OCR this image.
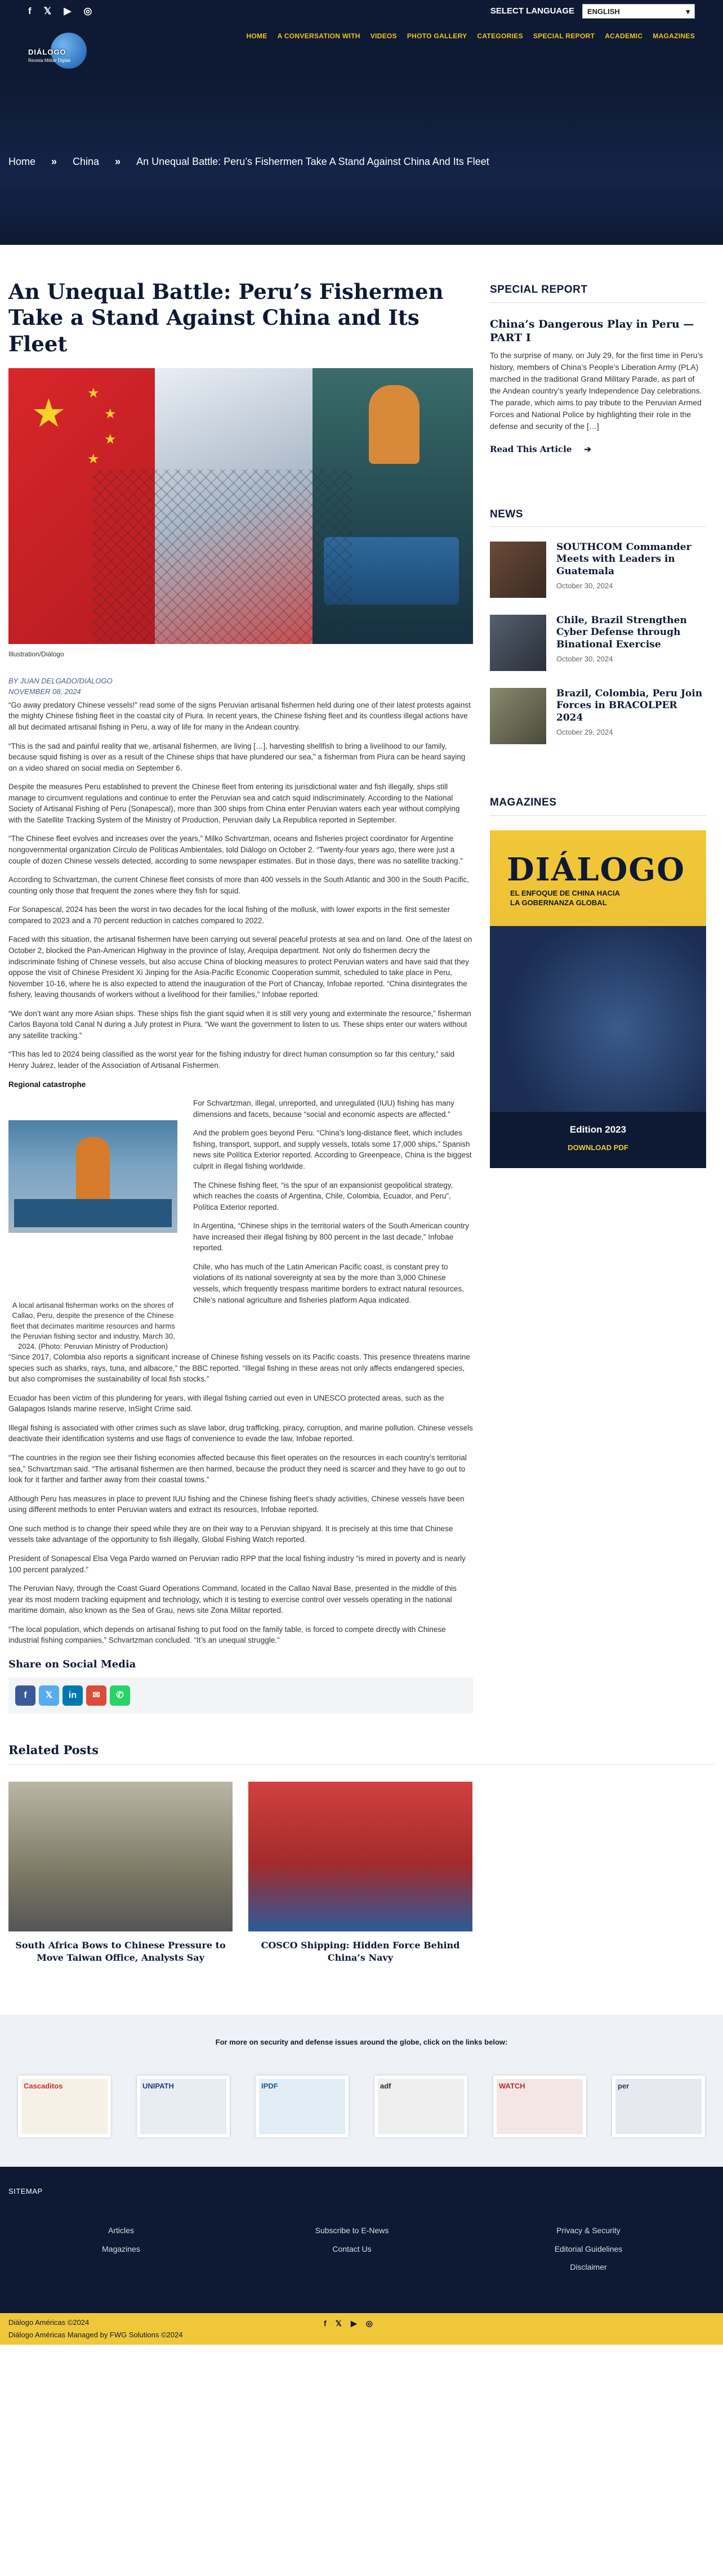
f 𝕏 ▶ ◎	SELECT LANGUAGE ENGLISH	▾
DIÁLOGO
Revista Militar Digital
HOME A CONVERSATION WITH VIDEOS PHOTO GALLERY CATEGORIES SPECIAL REPORT ACADEMIC MAGAZINES
Home » China » An Unequal Battle: Peru’s Fishermen Take A Stand Against China And Its Fleet
An Unequal Battle: Peru’s Fishermen Take a Stand Against China and Its Fleet
★ ★
★
★
★
Illustration/Diálogo
BY JUAN DELGADO/DIÁLOGO
NOVEMBER 08, 2024

“Go away predatory Chinese vessels!” read some of the signs Peruvian artisanal fishermen held during one of their latest protests against the mighty Chinese fishing fleet in the coastal city of Piura. In recent years, the Chinese fishing fleet and its countless illegal actions have all but decimated artisanal fishing in Peru, a way of life for many in the Andean country.

“This is the sad and painful reality that we, artisanal fishermen, are living […], harvesting shellfish to bring a livelihood to our family, because squid fishing is over as a result of the Chinese ships that have plundered our sea,” a fisherman from Piura can be heard saying on a video shared on social media on September 6.

Despite the measures Peru established to prevent the Chinese fleet from entering its jurisdictional water and fish illegally, ships still manage to circumvent regulations and continue to enter the Peruvian sea and catch squid indiscriminately. According to the National Society of Artisanal Fishing of Peru (Sonapescal), more than 300 ships from China enter Peruvian waters each year without complying with the Satellite Tracking System of the Ministry of Production, Peruvian daily La Republica reported in September.

“The Chinese fleet evolves and increases over the years,” Milko Schvartzman, oceans and fisheries project coordinator for Argentine nongovernmental organization Círculo de Políticas Ambientales, told Diálogo on October 2. “Twenty-four years ago, there were just a couple of dozen Chinese vessels detected, according to some newspaper estimates. But in those days, there was no satellite tracking.”

According to Schvartzman, the current Chinese fleet consists of more than 400 vessels in the South Atlantic and 300 in the South Pacific, counting only those that frequent the zones where they fish for squid.

For Sonapescal, 2024 has been the worst in two decades for the local fishing of the mollusk, with lower exports in the first semester compared to 2023 and a 70 percent reduction in catches compared to 2022.

Faced with this situation, the artisanal fishermen have been carrying out several peaceful protests at sea and on land. One of the latest on October 2, blocked the Pan-American Highway in the province of Islay, Arequipa department. Not only do fishermen decry the indiscriminate fishing of Chinese vessels, but also accuse China of blocking measures to protect Peruvian waters and have said that they oppose the visit of Chinese President Xi Jinping for the Asia-Pacific Economic Cooperation summit, scheduled to take place in Peru, November 10-16, where he is also expected to attend the inauguration of the Port of Chancay, Infobae reported. “China disintegrates the fishery, leaving thousands of workers without a livelihood for their families,” Infobae reported.

“We don’t want any more Asian ships. These ships fish the giant squid when it is still very young and exterminate the resource,” fisherman Carlos Bayona told Canal N during a July protest in Piura. “We want the government to listen to us. These ships enter our waters without any satellite tracking.”

“This has led to 2024 being classified as the worst year for the fishing industry for direct human consumption so far this century,” said Henry Juárez, leader of the Association of Artisanal Fishermen.

Regional catastrophe
A local artisanal fisherman works on the shores of Callao, Peru, despite the presence of the Chinese fleet that decimates maritime resources and harms the Peruvian fishing sector and industry, March 30, 2024. (Photo: Peruvian Ministry of Production)

For Schvartzman, illegal, unreported, and unregulated (IUU) fishing has many dimensions and facets, because “social and economic aspects are affected.”

And the problem goes beyond Peru. “China’s long-distance fleet, which includes fishing, transport, support, and supply vessels, totals some 17,000 ships,” Spanish news site Política Exterior reported. According to Greenpeace, China is the biggest culprit in illegal fishing worldwide.

The Chinese fishing fleet, “is the spur of an expansionist geopolitical strategy, which reaches the coasts of Argentina, Chile, Colombia, Ecuador, and Peru”, Política Exterior reported.

In Argentina, “Chinese ships in the territorial waters of the South American country have increased their illegal fishing by 800 percent in the last decade,” Infobae reported.

Chile, who has much of the Latin American Pacific coast, is constant prey to violations of its national sovereignty at sea by the more than 3,000 Chinese vessels, which frequently trespass maritime borders to extract natural resources, Chile’s national agriculture and fisheries platform Aqua indicated.

“Since 2017, Colombia also reports a significant increase of Chinese fishing vessels on its Pacific coasts. This presence threatens marine species such as sharks, rays, tuna, and albacore,” the BBC reported. “Illegal fishing in these areas not only affects endangered species, but also compromises the sustainability of local fish stocks.”

Ecuador has been victim of this plundering for years, with illegal fishing carried out even in UNESCO protected areas, such as the Galapagos Islands marine reserve, InSight Crime said.

Illegal fishing is associated with other crimes such as slave labor, drug trafficking, piracy, corruption, and marine pollution. Chinese vessels deactivate their identification systems and use flags of convenience to evade the law, Infobae reported.

“The countries in the region see their fishing economies affected because this fleet operates on the resources in each country’s territorial sea,” Schvartzman said. “The artisanal fishermen are then harmed, because the product they need is scarcer and they have to go out to look for it farther and farther away from their coastal towns.”

Although Peru has measures in place to prevent IUU fishing and the Chinese fishing fleet’s shady activities, Chinese vessels have been using different methods to enter Peruvian waters and extract its resources, Infobae reported.

One such method is to change their speed while they are on their way to a Peruvian shipyard. It is precisely at this time that Chinese vessels take advantage of the opportunity to fish illegally, Global Fishing Watch reported.

President of Sonapescal Elsa Vega Pardo warned on Peruvian radio RPP that the local fishing industry “is mired in poverty and is nearly 100 percent paralyzed.”

The Peruvian Navy, through the Coast Guard Operations Command, located in the Callao Naval Base, presented in the middle of this year its most modern tracking equipment and technology, which it is testing to exercise control over vessels operating in the national maritime domain, also known as the Sea of Grau, news site Zona Militar reported.

“The local population, which depends on artisanal fishing to put food on the family table, is forced to compete directly with Chinese industrial fishing companies,” Schvartzman concluded. “It’s an unequal struggle.”

Share on Social Media
f	𝕏	in	✉	✆
SPECIAL REPORT
China’s Dangerous Play in Peru — PART I
To the surprise of many, on July 29, for the first time in Peru’s history, members of China’s People’s Liberation Army (PLA) marched in the traditional Grand Military Parade, as part of the Andean country’s yearly Independence Day celebrations. The parade, which aims to pay tribute to the Peruvian Armed Forces and National Police by highlighting their role in the defense and security of the […]
Read This Article ➔
NEWS
SOUTHCOM Commander Meets with Leaders in Guatemala
October 30, 2024
Chile, Brazil Strengthen Cyber Defense through Binational Exercise
October 30, 2024
Brazil, Colombia, Peru Join Forces in BRACOLPER 2024
October 29, 2024
MAGAZINES
DIÁLOGO
EL ENFOQUE DE CHINA HACIA LA GOBERNANZA GLOBAL
Edition 2023
DOWNLOAD PDF
Related Posts
South Africa Bows to Chinese Pressure to Move Taiwan Office, Analysts Say
COSCO Shipping: Hidden Force Behind China’s Navy
For more on security and defense issues around the globe, click on the links below:
Cascaditos	UNIPATH	IPDF	adf	WATCH	per
SITEMAP
Articles
Magazines
Subscribe to E-News
Contact Us
Privacy & Security
Editorial Guidelines
Disclaimer
Diálogo Américas ©2024
Diálogo Américas Managed by FWG Solutions ©2024
f 𝕏 ▶ ◎
